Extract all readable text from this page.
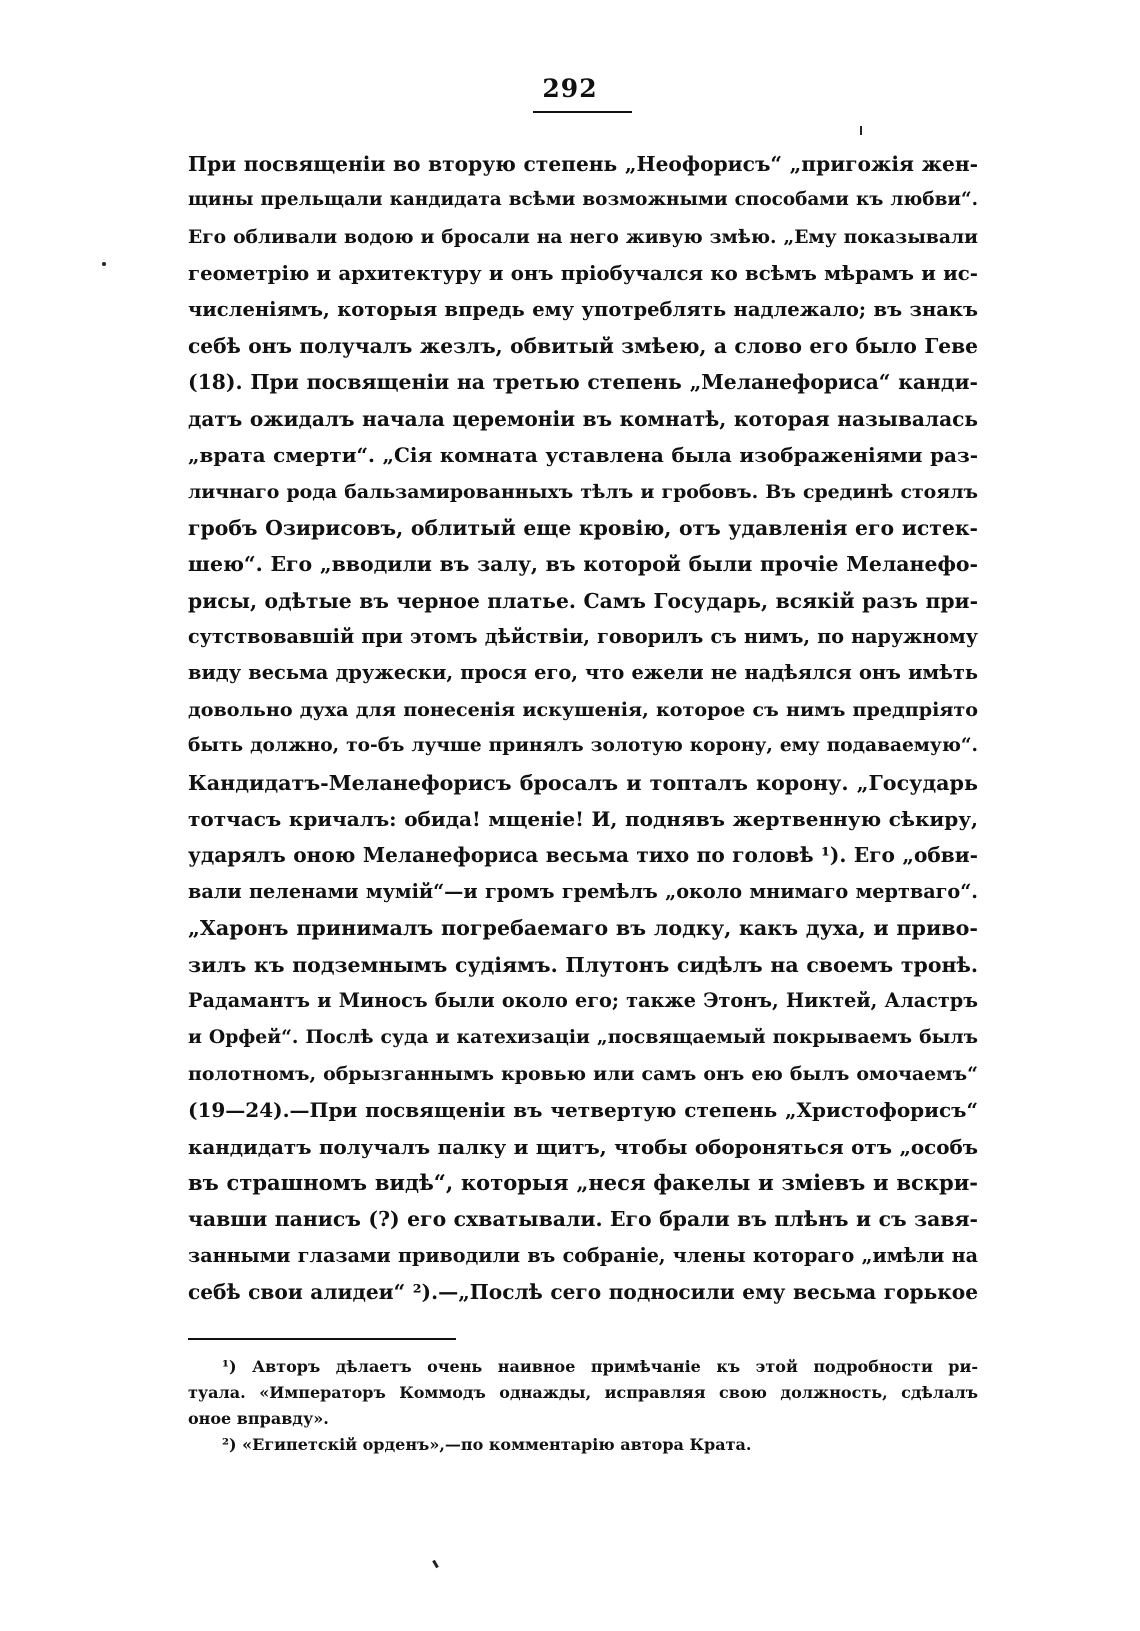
292
При посвященіи во вторую степень „Неофорисъ“ „пригожія жен-
щины прельщали кандидата всѣми возможными способами къ любви“.
Его обливали водою и бросали на него живую змѣю. „Ему показывали
геометрію и архитектуру и онъ пріобучался ко всѣмъ мѣрамъ и ис-
численіямъ, которыя впредь ему употреблять надлежало; въ знакъ
себѣ онъ получалъ жезлъ, обвитый змѣею, а слово его было Геве
(18). При посвященіи на третью степень „Меланефориса“ канди-
датъ ожидалъ начала церемоніи въ комнатѣ, которая называлась
„врата смерти“. „Сія комната уставлена была изображеніями раз-
личнаго рода бальзамированныхъ тѣлъ и гробовъ. Въ срединѣ стоялъ
гробъ Озирисовъ, облитый еще кровію, отъ удавленія его истек-
шею“. Его „вводили въ залу, въ которой были прочіе Меланефо-
рисы, одѣтые въ черное платье. Самъ Государь, всякій разъ при-
сутствовавшій при этомъ дѣйствіи, говорилъ съ нимъ, по наружному
виду весьма дружески, прося его, что ежели не надѣялся онъ имѣть
довольно духа для понесенія искушенія, которое съ нимъ предпріято
быть должно, то-бъ лучше принялъ золотую корону, ему подаваемую“.
Кандидатъ-Меланефорисъ бросалъ и топталъ корону. „Государь
тотчасъ кричалъ: обида! мщеніе! И, поднявъ жертвенную сѣкиру,
ударялъ оною Меланефориса весьма тихо по головѣ ¹). Его „обви-
вали пеленами мумій“—и громъ гремѣлъ „около мнимаго мертваго“.
„Харонъ принималъ погребаемаго въ лодку, какъ духа, и приво-
зилъ къ подземнымъ судіямъ. Плутонъ сидѣлъ на своемъ тронѣ.
Радамантъ и Миносъ были около его; также Этонъ, Никтей, Аластръ
и Орфей“. Послѣ суда и катехизаціи „посвящаемый покрываемъ былъ
полотномъ, обрызганнымъ кровью или самъ онъ ею былъ омочаемъ“
(19—24).—При посвященіи въ четвертую степень „Христофорисъ“
кандидатъ получалъ палку и щитъ, чтобы обороняться отъ „особъ
въ страшномъ видѣ“, которыя „неся факелы и зміевъ и вскри-
чавши панисъ (?) его схватывали. Его брали въ плѣнъ и съ завя-
занными глазами приводили въ собраніе, члены котораго „имѣли на
себѣ свои алидеи“ ²).—„Послѣ сего подносили ему весьма горькое
¹) Авторъ дѣлаетъ очень наивное примѣчаніе къ этой подробности ри-
туала. «Императоръ Коммодъ однажды, исправляя свою должность, сдѣлалъ
оное вправду».
²) «Египетскій орденъ»,—по комментарію автора Крата.
